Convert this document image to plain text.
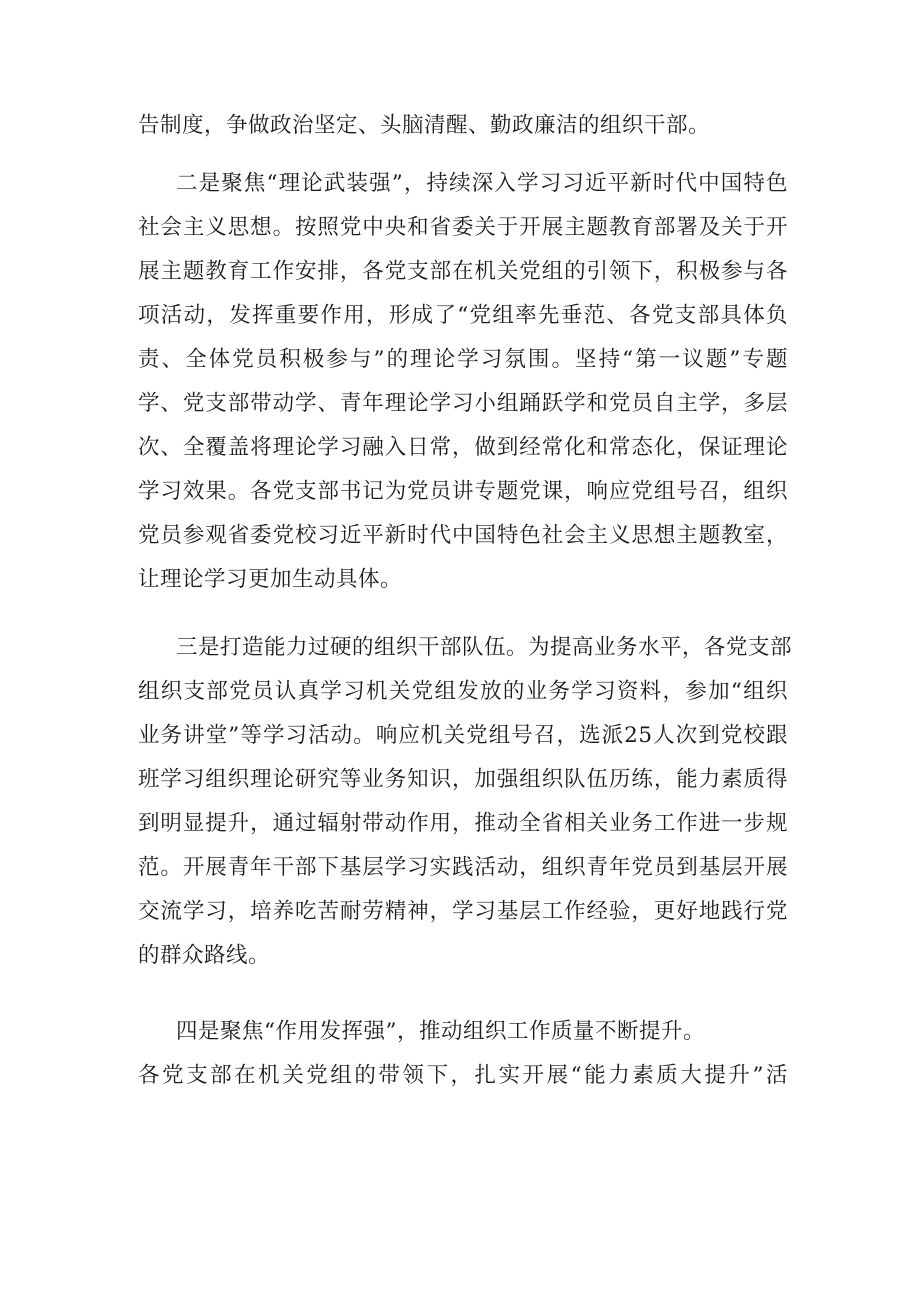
告制度，争做政治坚定、头脑清醒、勤政廉洁的组织干部。
二是聚焦“理论武装强”，持续深入学习习近平新时代中国特色
社会主义思想。按照党中央和省委关于开展主题教育部署及关于开
展主题教育工作安排，各党支部在机关党组的引领下，积极参与各
项活动，发挥重要作用，形成了“党组率先垂范、各党支部具体负
责、全体党员积极参与”的理论学习氛围。坚持“第一议题”专题
学、党支部带动学、青年理论学习小组踊跃学和党员自主学，多层
次、全覆盖将理论学习融入日常，做到经常化和常态化，保证理论
学习效果。各党支部书记为党员讲专题党课，响应党组号召，组织
党员参观省委党校习近平新时代中国特色社会主义思想主题教室，
让理论学习更加生动具体。
三是打造能力过硬的组织干部队伍。为提高业务水平，各党支部
组织支部党员认真学习机关党组发放的业务学习资料，参加“组织
业务讲堂”等学习活动。响应机关党组号召，选派25人次到党校跟
班学习组织理论研究等业务知识，加强组织队伍历练，能力素质得
到明显提升，通过辐射带动作用，推动全省相关业务工作进一步规
范。开展青年干部下基层学习实践活动，组织青年党员到基层开展
交流学习，培养吃苦耐劳精神，学习基层工作经验，更好地践行党
的群众路线。
四是聚焦“作用发挥强”，推动组织工作质量不断提升。
各党支部在机关党组的带领下，扎实开展“能力素质大提升”活
